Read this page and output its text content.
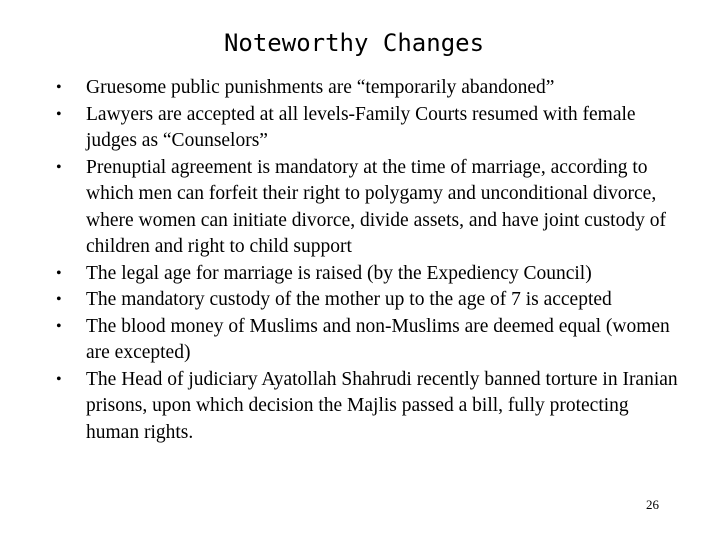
Noteworthy Changes
• Gruesome public punishments are “temporarily abandoned”
• Lawyers are accepted at all levels-Family Courts resumed with female judges as “Counselors”
• Prenuptial agreement is mandatory at the time of marriage, according to which men can forfeit their right to polygamy and unconditional divorce, where women can initiate divorce, divide assets, and have joint custody of children and right to child support
• The legal age for marriage is raised (by the Expediency Council)
• The mandatory custody of the mother up to the age of 7 is accepted
• The blood money of Muslims and non-Muslims are deemed equal (women are excepted)
• The Head of judiciary Ayatollah Shahrudi recently banned torture in Iranian prisons, upon which decision the Majlis passed a bill, fully protecting human rights.
26
